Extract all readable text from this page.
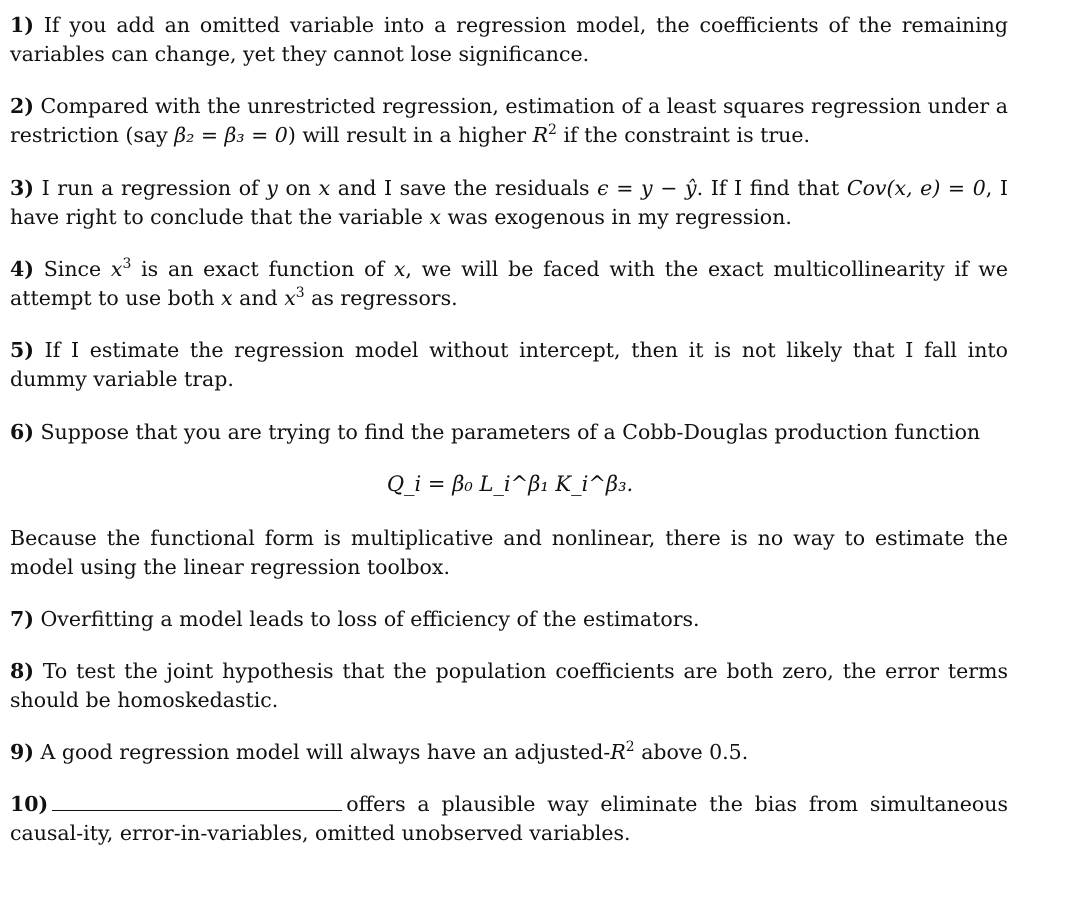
1) If you add an omitted variable into a regression model, the coefficients of the remaining variables can change, yet they cannot lose significance.
2) Compared with the unrestricted regression, estimation of a least squares regression under a restriction (say β₂ = β₃ = 0) will result in a higher $R^2$ if the constraint is true.
3) I run a regression of y on x and I save the residuals ϵ = y − ŷ. If I find that Cov(x, e) = 0, I have right to conclude that the variable x was exogenous in my regression.
4) Since $x^3$ is an exact function of x, we will be faced with the exact multicollinearity if we attempt to use both x and $x^3$ as regressors.
5) If I estimate the regression model without intercept, then it is not likely that I fall into dummy variable trap.
6) Suppose that you are trying to find the parameters of a Cobb-Douglas production function
Q_i = β₀ L_i^β₁ K_i^β₃.
Because the functional form is multiplicative and nonlinear, there is no way to estimate the model using the linear regression toolbox.
7) Overfitting a model leads to loss of efficiency of the estimators.
8) To test the joint hypothesis that the population coefficients are both zero, the error terms should be homoskedastic.
9) A good regression model will always have an adjusted-$R^2$ above 0.5.
10)	offers a plausible way eliminate the bias from simultaneous causal-ity, error-in-variables, omitted unobserved variables.
